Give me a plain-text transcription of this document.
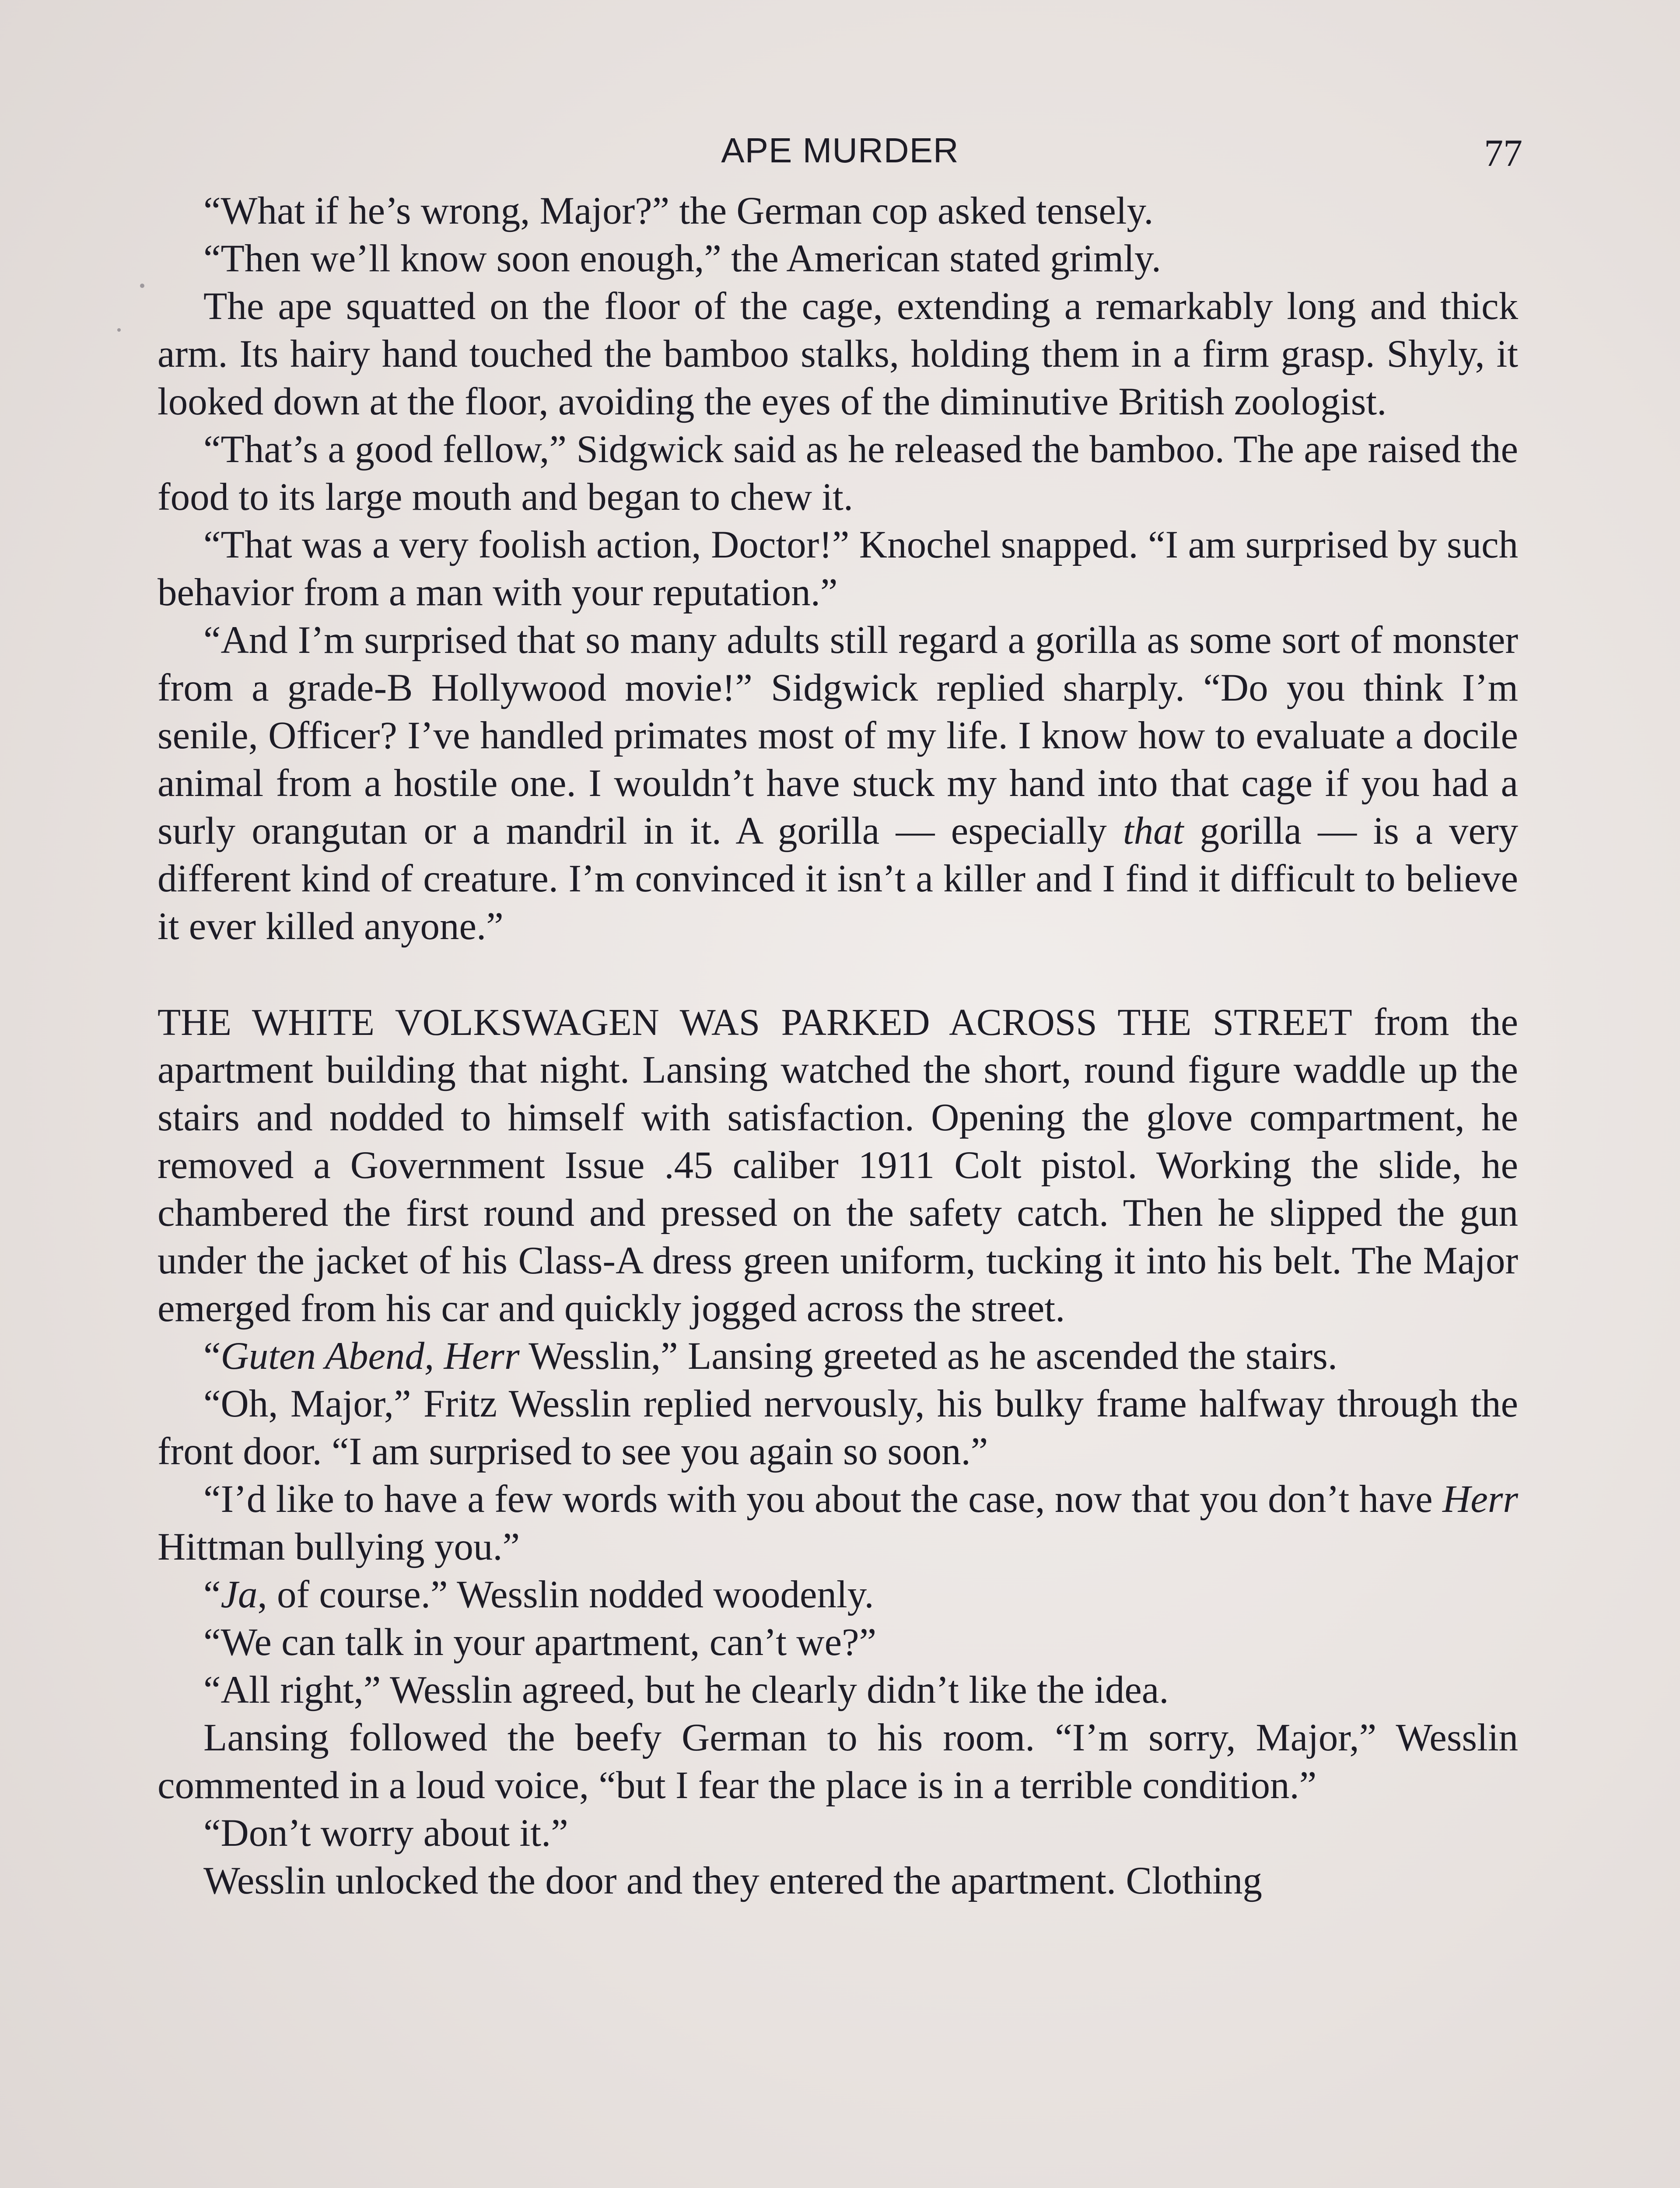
APE MURDER	77

“What if he’s wrong, Major?” the German cop asked tensely.

“Then we’ll know soon enough,” the American stated grimly.

The ape squatted on the floor of the cage, extending a remarkably long and thick arm. Its hairy hand touched the bamboo stalks, holding them in a firm grasp. Shyly, it looked down at the floor, avoiding the eyes of the diminutive British zoologist.

“That’s a good fellow,” Sidgwick said as he released the bamboo. The ape raised the food to its large mouth and began to chew it.

“That was a very foolish action, Doctor!” Knochel snapped. “I am surprised by such behavior from a man with your reputation.”

“And I’m surprised that so many adults still regard a gorilla as some sort of monster from a grade-B Hollywood movie!” Sidgwick replied sharply. “Do you think I’m senile, Officer? I’ve handled primates most of my life. I know how to evaluate a docile animal from a hostile one. I wouldn’t have stuck my hand into that cage if you had a surly orangutan or a mandril in it. A gorilla — especially that gorilla — is a very different kind of creature. I’m convinced it isn’t a killer and I find it difficult to believe it ever killed anyone.”

THE WHITE VOLKSWAGEN WAS PARKED ACROSS THE STREET from the apartment building that night. Lansing watched the short, round figure waddle up the stairs and nodded to himself with satisfaction. Opening the glove compartment, he removed a Government Issue .45 caliber 1911 Colt pistol. Working the slide, he chambered the first round and pressed on the safety catch. Then he slipped the gun under the jacket of his Class-A dress green uniform, tucking it into his belt. The Major emerged from his car and quickly jogged across the street.

“Guten Abend, Herr Wesslin,” Lansing greeted as he ascended the stairs.

“Oh, Major,” Fritz Wesslin replied nervously, his bulky frame halfway through the front door. “I am surprised to see you again so soon.”

“I’d like to have a few words with you about the case, now that you don’t have Herr Hittman bullying you.”

“Ja, of course.” Wesslin nodded woodenly.

“We can talk in your apartment, can’t we?”

“All right,” Wesslin agreed, but he clearly didn’t like the idea.

Lansing followed the beefy German to his room. “I’m sorry, Major,” Wesslin commented in a loud voice, “but I fear the place is in a terrible condition.”

“Don’t worry about it.”

Wesslin unlocked the door and they entered the apartment. Clothing
